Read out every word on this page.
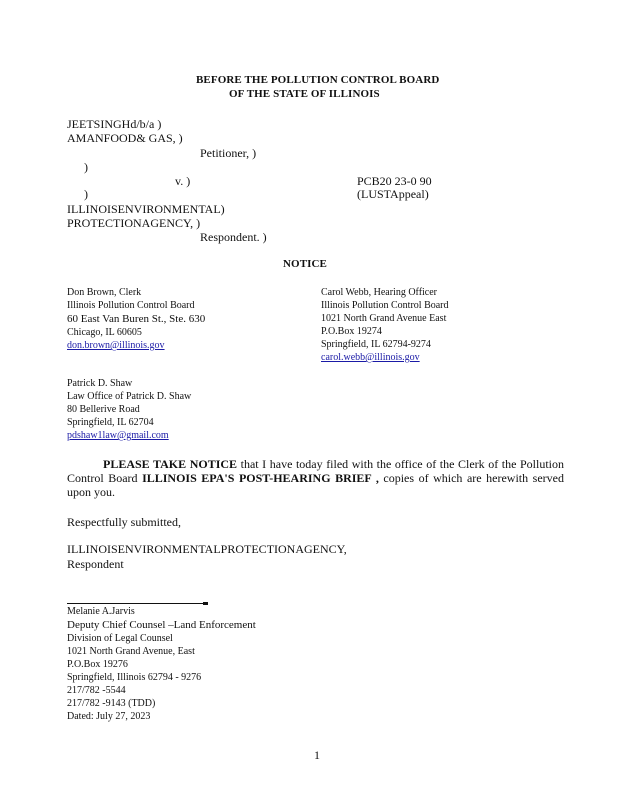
BEFORE THE POLLUTION CONTROL BOARD
OF THE STATE OF ILLINOIS
JEETSINGHd/b/a )
AMANFOOD& GAS, )
Petitioner, )
)
v. )	PCB20 23-0 90
)	(LUSTAppeal)
ILLINOISENVIRONMENTAL)
PROTECTIONAGENCY, )
Respondent. )
NOTICE
Don Brown, Clerk
Illinois Pollution Control Board
60 East Van Buren St., Ste. 630
Chicago, IL 60605
don.brown@illinois.gov
Carol Webb, Hearing Officer
Illinois Pollution Control Board
1021 North Grand Avenue East
P.O.Box 19274
Springfield, IL 62794-9274
carol.webb@illinois.gov
Patrick D. Shaw
Law Office of Patrick D. Shaw
80 Bellerive Road
Springfield, IL 62704
pdshaw1law@gmail.com
PLEASE TAKE NOTICE that I have today filed with the office of the Clerk of the Pollution Control Board ILLINOIS EPA'S POST-HEARING BRIEF , copies of which are herewith served upon you.
Respectfully submitted,
ILLINOISENVIRONMENTALPROTECTIONAGENCY,
Respondent
Melanie A.Jarvis
Deputy Chief Counsel –Land Enforcement
Division of Legal Counsel
1021 North Grand Avenue, East
P.O.Box 19276
Springfield, Illinois 62794 - 9276
217/782 -5544
217/782 -9143 (TDD)
Dated: July 27, 2023
1
